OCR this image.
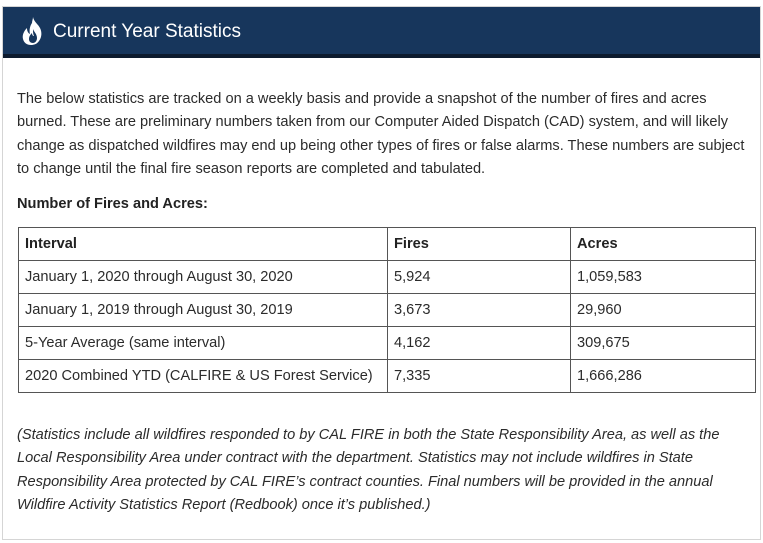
Current Year Statistics

The below statistics are tracked on a weekly basis and provide a snapshot of the number of fires and acres burned. These are preliminary numbers taken from our Computer Aided Dispatch (CAD) system, and will likely change as dispatched wildfires may end up being other types of fires or false alarms. These numbers are subject to change until the final fire season reports are completed and tabulated.

Number of Fires and Acres:

Interval	Fires	Acres
January 1, 2020 through August 30, 2020	5,924	1,059,583
January 1, 2019 through August 30, 2019	3,673	29,960
5-Year Average (same interval)	4,162	309,675
2020 Combined YTD (CALFIRE & US Forest Service)	7,335	1,666,286

(Statistics include all wildfires responded to by CAL FIRE in both the State Responsibility Area, as well as the Local Responsibility Area under contract with the department. Statistics may not include wildfires in State Responsibility Area protected by CAL FIRE’s contract counties. Final numbers will be provided in the annual Wildfire Activity Statistics Report (Redbook) once it’s published.)
